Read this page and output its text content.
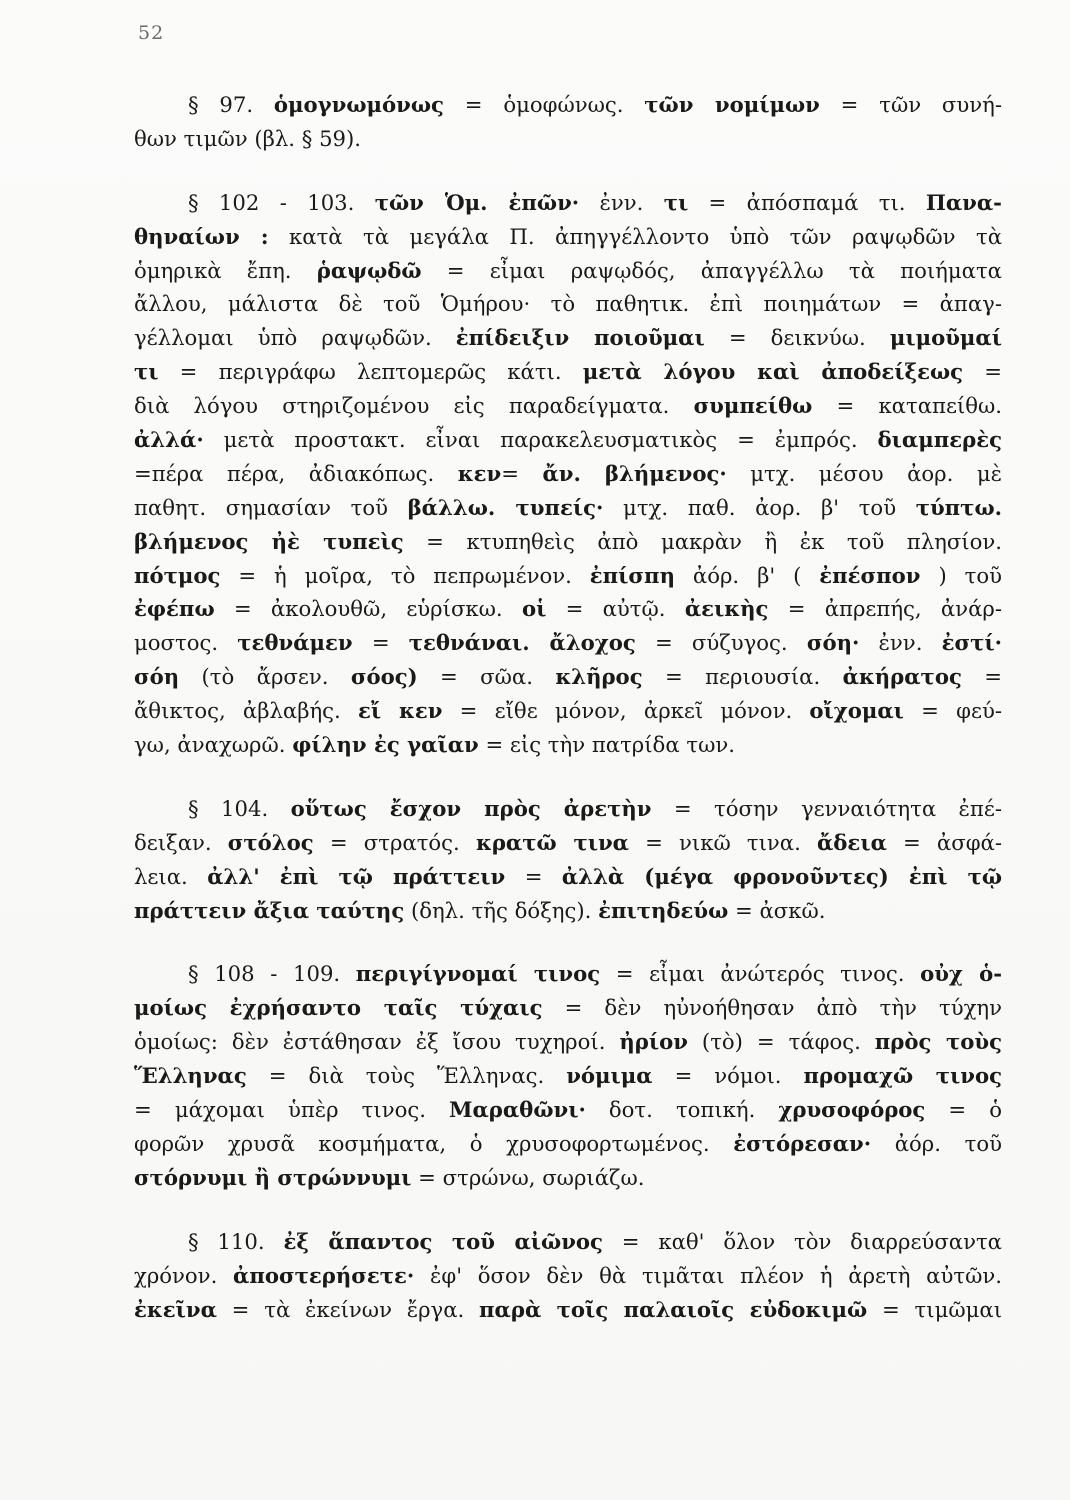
52
§ 97. ὁμογνωμόνως = ὁμοφώνως. τῶν νομίμων = τῶν συνή-
θων τιμῶν (βλ. § 59).
§ 102 - 103. τῶν Ὁμ. ἐπῶν· ἐνν. τι = ἀπόσπαμά τι. Πανα-
θηναίων : κατὰ τὰ μεγάλα Π. ἀπηγγέλλοντο ὑπὸ τῶν ραψῳδῶν τὰ
ὁμηρικὰ ἔπη. ῥαψῳδῶ = εἶμαι ραψῳδός, ἀπαγγέλλω τὰ ποιήματα
ἄλλου, μάλιστα δὲ τοῦ Ὁμήρου· τὸ παθητικ. ἐπὶ ποιημάτων = ἀπαγ-
γέλλομαι ὑπὸ ραψῳδῶν. ἐπίδειξιν ποιοῦμαι = δεικνύω. μιμοῦμαί
τι = περιγράφω λεπτομερῶς κάτι. μετὰ λόγου καὶ ἀποδείξεως =
διὰ λόγου στηριζομένου εἰς παραδείγματα. συμπείθω = καταπείθω.
ἀλλά· μετὰ προστακτ. εἶναι παρακελευσματικὸς = ἐμπρός. διαμπερὲς
=πέρα πέρα, ἀδιακόπως. κεν= ἄν. βλήμενος· μτχ. μέσου ἀορ. μὲ
παθητ. σημασίαν τοῦ βάλλω. τυπείς· μτχ. παθ. ἀορ. β' τοῦ τύπτω.
βλήμενος ἠὲ τυπεὶς = κτυπηθεὶς ἀπὸ μακρὰν ἢ ἐκ τοῦ πλησίον.
πότμος = ἡ μοῖρα, τὸ πεπρωμένον. ἐπίσπη ἀόρ. β' ( ἐπέσπον ) τοῦ
ἐφέπω = ἀκολουθῶ, εὑρίσκω. οἱ = αὐτῷ. ἀεικὴς = ἀπρεπής, ἀνάρ-
μοστος. τεθνάμεν = τεθνάναι. ἄλοχος = σύζυγος. σόη· ἐνν. ἐστί·
σόη (τὸ ἄρσεν. σόος) = σῶα. κλῆρος = περιουσία. ἀκήρατος =
ἄθικτος, ἀβλαβής. εἴ κεν = εἴθε μόνον, ἀρκεῖ μόνον. οἴχομαι = φεύ-
γω, ἀναχωρῶ. φίλην ἐς γαῖαν = εἰς τὴν πατρίδα των.
§ 104. οὕτως ἔσχον πρὸς ἀρετὴν = τόσην γενναιότητα ἐπέ-
δειξαν. στόλος = στρατός. κρατῶ τινα = νικῶ τινα. ἄδεια = ἀσφά-
λεια. ἀλλ' ἐπὶ τῷ πράττειν = ἀλλὰ (μέγα φρονοῦντες) ἐπὶ τῷ
πράττειν ἄξια ταύτης (δηλ. τῆς δόξης). ἐπιτηδεύω = ἀσκῶ.
§ 108 - 109. περιγίγνομαί τινος = εἶμαι ἀνώτερός τινος. οὐχ ὁ-
μοίως ἐχρήσαντο ταῖς τύχαις = δὲν ηὐνοήθησαν ἀπὸ τὴν τύχην
ὁμοίως: δὲν ἐστάθησαν ἐξ ἴσου τυχηροί. ἠρίον (τὸ) = τάφος. πρὸς τοὺς
Ἕλληνας = διὰ τοὺς Ἕλληνας. νόμιμα = νόμοι. προμαχῶ τινος
= μάχομαι ὑπὲρ τινος. Μαραθῶνι· δοτ. τοπική. χρυσοφόρος = ὁ
φορῶν χρυσᾶ κοσμήματα, ὁ χρυσοφορτωμένος. ἐστόρεσαν· ἀόρ. τοῦ
στόρνυμι ἢ στρώννυμι = στρώνω, σωριάζω.
§ 110. ἐξ ἅπαντος τοῦ αἰῶνος = καθ' ὅλον τὸν διαρρεύσαντα
χρόνον. ἀποστερήσετε· ἐφ' ὅσον δὲν θὰ τιμᾶται πλέον ἡ ἀρετὴ αὐτῶν.
ἐκεῖνα = τὰ ἐκείνων ἔργα. παρὰ τοῖς παλαιοῖς εὐδοκιμῶ = τιμῶμαι
